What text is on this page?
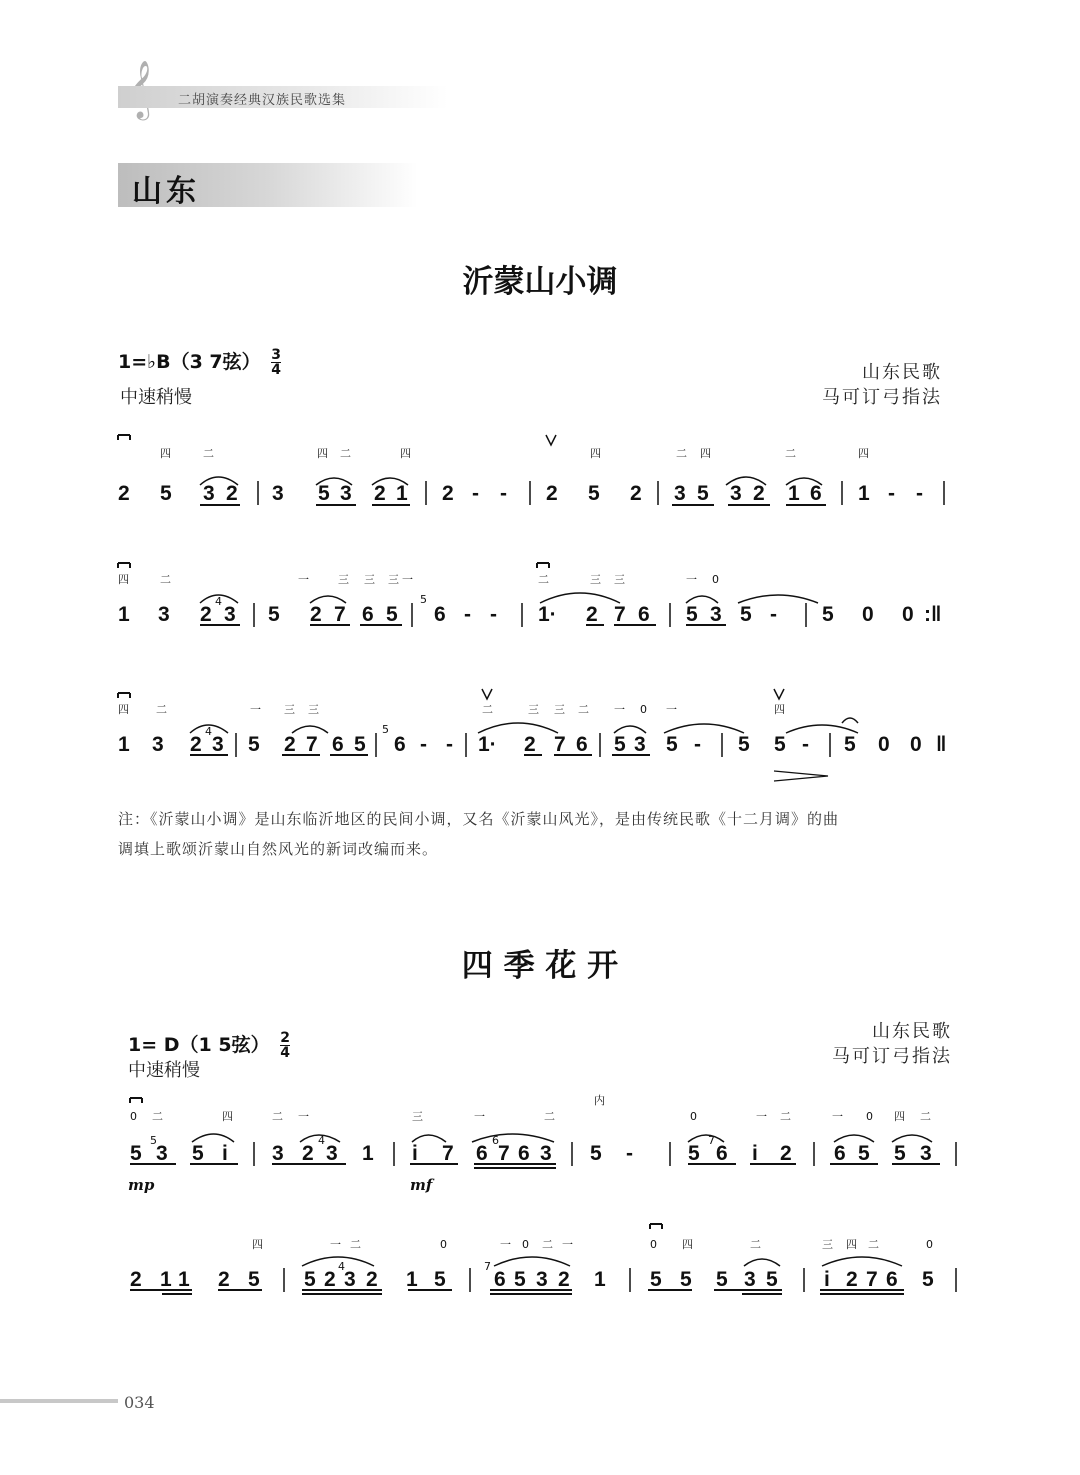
二胡演奏经典汉族民歌选集
山东
沂蒙山小调
1=♭B（3 7弦） $\frac{3}{4}$
中速稍慢
山东民歌
马可订弓指法
四	二	四 二	四	四	二 四	二	四
2 5 3 2 3 5 3 2 1 2 - - 2 5 2 3 5 3 2 1 6 1 - -
四	二	一	三 三 三 一	二	三 三	一 0
1 3 2
4
3 5 2 7 6 5
5
6 - - 1· 2 7 6 5 3 5 - 5 0 0 :‖
四 二	一 三 三	二	三 三 二 一 0 一	四
1 3 2
4
3 5 2 7 6 5
5
6 - - 1· 2 7 6 5 3 5 - 5 5 - 5 0 0 ‖
注：《沂蒙山小调》是山东临沂地区的民间小调，又名《沂蒙山风光》，是由传统民歌《十二月调》的曲
调填上歌颂沂蒙山自然风光的新词改编而来。
四 季 花 开
1= D（1 5弦） $\frac{2}{4}$
中速稍慢
山东民歌
马可订弓指法
0 二	四	二 一	三	一	二
内
0	一 二	一 0 四 二
5
5
3 5 i 3 2
4
3 1 i 7 6
6
7 6 3 5 -	5
7
6 i 2 6 5 5 3
mp	mf
四	一 二	0	一 0 二 一	0 四	二	三 四 二	0
2 1 1 2 5 5 2
4
3 2 1 5
7
6 5 3 2 1 5 5 5 3 5 i 2 7 6 5
034
